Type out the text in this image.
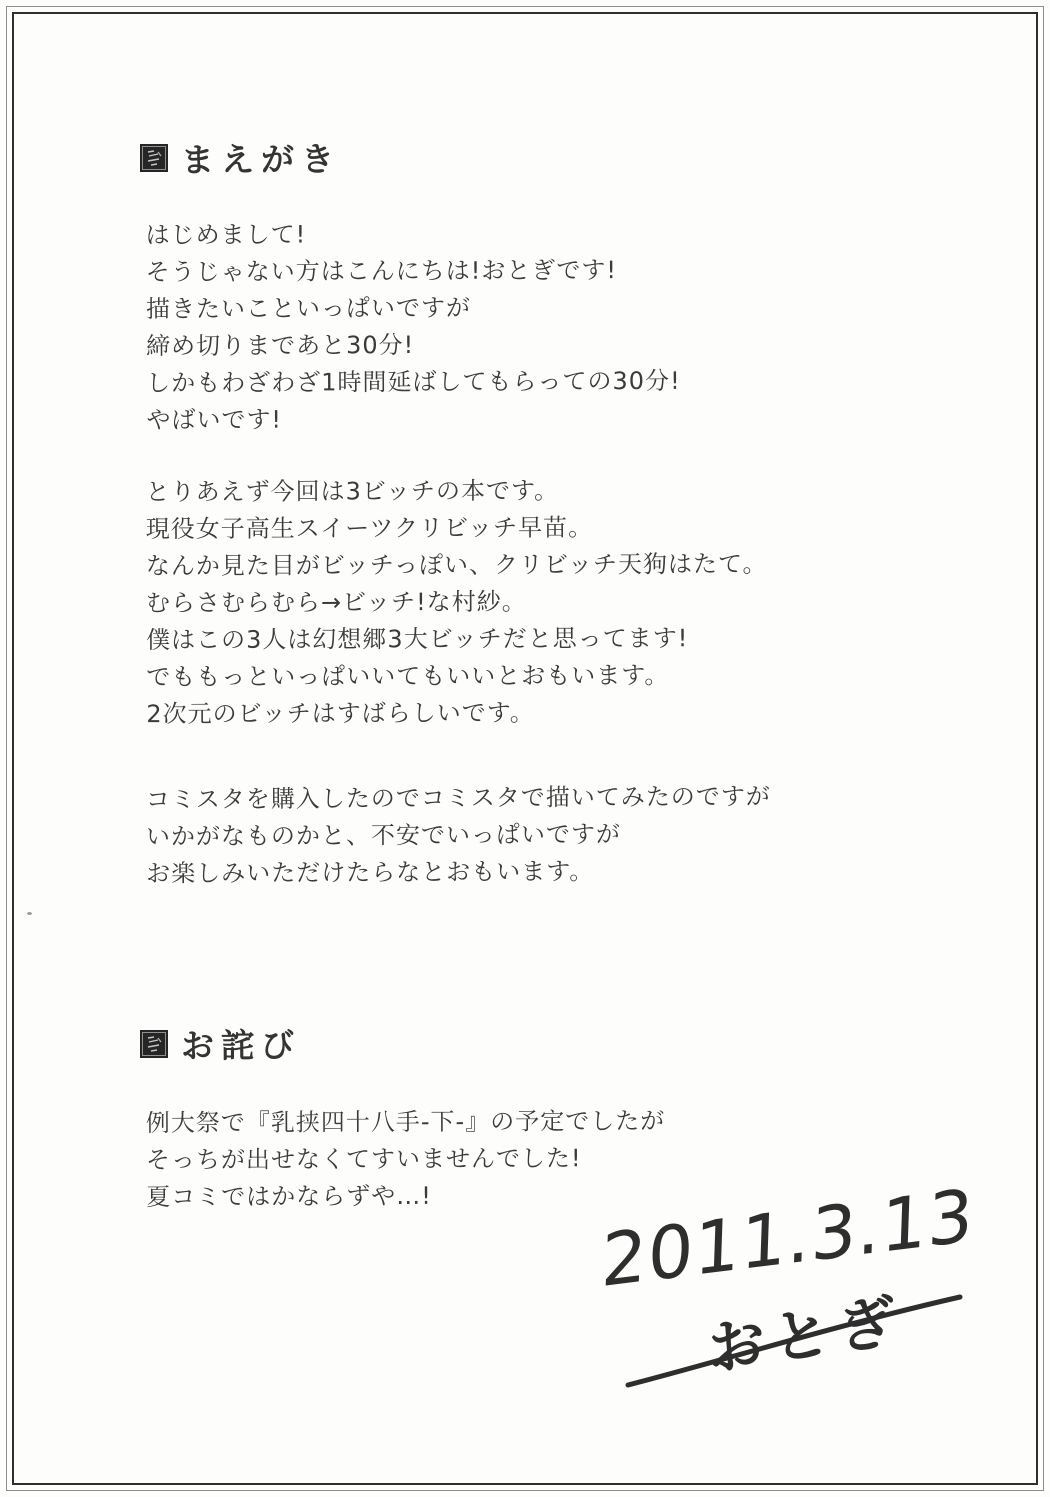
まえがき
はじめまして!
そうじゃない方はこんにちは!おとぎです!
描きたいこといっぱいですが
締め切りまであと30分!
しかもわざわざ1時間延ばしてもらっての30分!
やばいです!
とりあえず今回は3ビッチの本です。
現役女子高生スイーツクリビッチ早苗。
なんか見た目がビッチっぽい、クリビッチ天狗はたて。
むらさむらむら→ビッチ!な村紗。
僕はこの3人は幻想郷3大ビッチだと思ってます!
でももっといっぱいいてもいいとおもいます。
2次元のビッチはすばらしいです。
コミスタを購入したのでコミスタで描いてみたのですが
いかがなものかと、不安でいっぱいですが
お楽しみいただけたらなとおもいます。
お詫び
例大祭で『乳挟四十八手-下-』の予定でしたが
そっちが出せなくてすいませんでした!
夏コミではかならずや…!	2011.3.13
おとぎ
